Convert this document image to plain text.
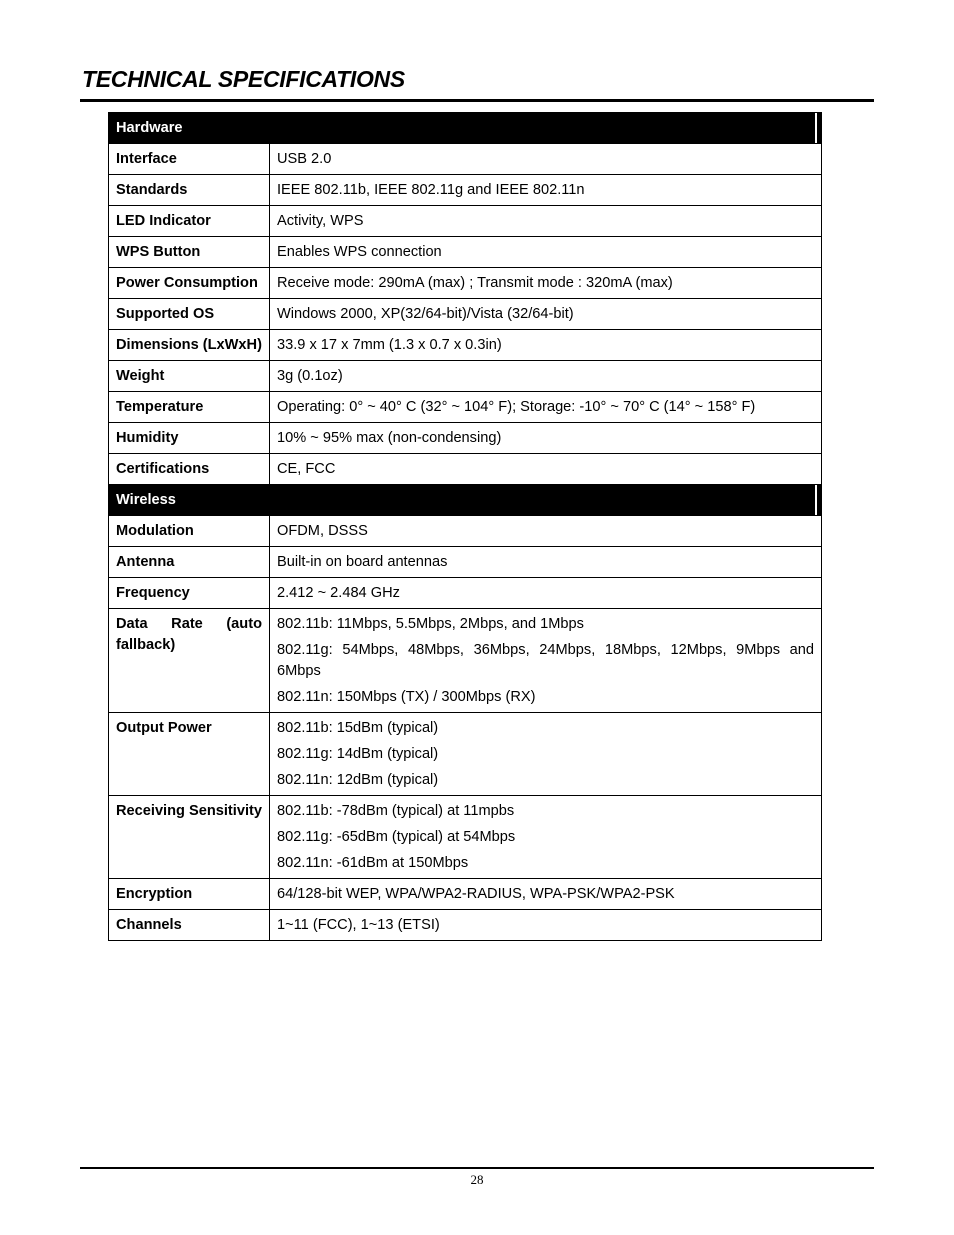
TECHNICAL SPECIFICATIONS
Hardware	

Interface	USB 2.0
Standards	IEEE 802.11b, IEEE 802.11g and IEEE 802.11n
LED Indicator	Activity, WPS
WPS Button	Enables WPS connection
Power Consumption	Receive mode: 290mA (max) ; Transmit mode : 320mA (max)
Supported OS	Windows 2000, XP(32/64-bit)/Vista (32/64-bit)
Dimensions (LxWxH)	33.9 x 17 x 7mm (1.3 x 0.7 x 0.3in)
Weight	3g (0.1oz)
Temperature	Operating: 0° ~ 40° C (32° ~ 104° F); Storage: -10° ~ 70° C (14° ~ 158° F)
Humidity	10% ~ 95% max (non-condensing)
Certifications	CE, FCC

Wireless	

Modulation	OFDM, DSSS
Antenna	Built-in on board antennas
Frequency	2.412 ~ 2.484 GHz
Data Rate (auto fallback)	802.11b: 11Mbps, 5.5Mbps, 2Mbps, and 1Mbps
802.11g: 54Mbps, 48Mbps, 36Mbps, 24Mbps, 18Mbps, 12Mbps, 9Mbps and 6Mbps
802.11n: 150Mbps (TX) / 300Mbps (RX)

Output Power	802.11b: 15dBm (typical)
802.11g: 14dBm (typical)
802.11n: 12dBm (typical)

Receiving Sensitivity	802.11b: -78dBm (typical) at 11mpbs
802.11g: -65dBm (typical) at 54Mbps
802.11n: -61dBm at 150Mbps

Encryption	64/128-bit WEP, WPA/WPA2-RADIUS, WPA-PSK/WPA2-PSK
Channels	1~11 (FCC), 1~13 (ETSI)
28
